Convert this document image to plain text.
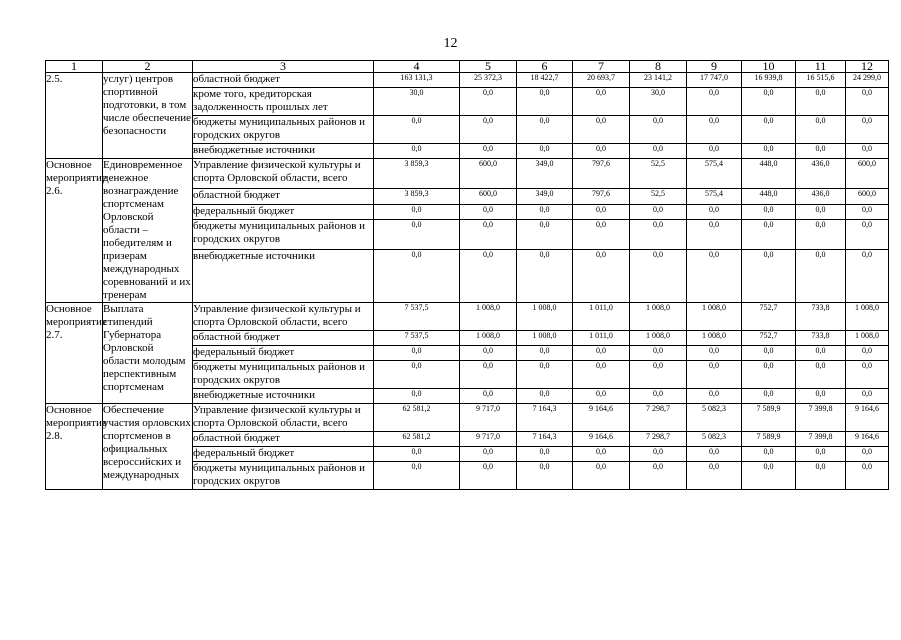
12
1	2	3	4	5	6	7	8	9	10	11	12
2.5.	услуг) центров спортивной подготовки, в том числе обеспечение безопасности	областной бюджет	163 131,3	25 372,3	18 422,7	20 693,7	23 141,2	17 747,0	16 939,8	16 515,6	24 299,0
		кроме того, кредиторская задолженность прошлых лет	30,0	0,0	0,0	0,0	30,0	0,0	0,0	0,0	0,0
		бюджеты муниципальных районов и городских округов	0,0	0,0	0,0	0,0	0,0	0,0	0,0	0,0	0,0
		внебюджетные источники	0,0	0,0	0,0	0,0	0,0	0,0	0,0	0,0	0,0
Основное мероприятие 2.6.	Единовременное денежное вознаграждение спортсменам Орловской области – победителям и призерам международных соревнований и их тренерам	Управление физической культуры и спорта Орловской области, всего	3 859,3	600,0	349,0	797,6	52,5	575,4	448,0	436,0	600,0
		областной бюджет	3 859,3	600,0	349,0	797,6	52,5	575,4	448,0	436,0	600,0
		федеральный бюджет	0,0	0,0	0,0	0,0	0,0	0,0	0,0	0,0	0,0
		бюджеты муниципальных районов и городских округов	0,0	0,0	0,0	0,0	0,0	0,0	0,0	0,0	0,0
		внебюджетные источники	0,0	0,0	0,0	0,0	0,0	0,0	0,0	0,0	0,0
Основное мероприятие 2.7.	Выплата стипендий Губернатора Орловской области молодым перспективным спортсменам	Управление физической культуры и спорта Орловской области, всего	7 537,5	1 008,0	1 008,0	1 011,0	1 008,0	1 008,0	752,7	733,8	1 008,0
		областной бюджет	7 537,5	1 008,0	1 008,0	1 011,0	1 008,0	1 008,0	752,7	733,8	1 008,0
		федеральный бюджет	0,0	0,0	0,0	0,0	0,0	0,0	0,0	0,0	0,0
		бюджеты муниципальных районов и городских округов	0,0	0,0	0,0	0,0	0,0	0,0	0,0	0,0	0,0
		внебюджетные источники	0,0	0,0	0,0	0,0	0,0	0,0	0,0	0,0	0,0
Основное мероприятие 2.8.	Обеспечение участия орловских спортсменов в официальных всероссийских и международных	Управление физической культуры и спорта Орловской области, всего	62 581,2	9 717,0	7 164,3	9 164,6	7 298,7	5 082,3	7 589,9	7 399,8	9 164,6
		областной бюджет	62 581,2	9 717,0	7 164,3	9 164,6	7 298,7	5 082,3	7 589,9	7 399,8	9 164,6
		федеральный бюджет	0,0	0,0	0,0	0,0	0,0	0,0	0,0	0,0	0,0
		бюджеты муниципальных районов и городских округов	0,0	0,0	0,0	0,0	0,0	0,0	0,0	0,0	0,0
